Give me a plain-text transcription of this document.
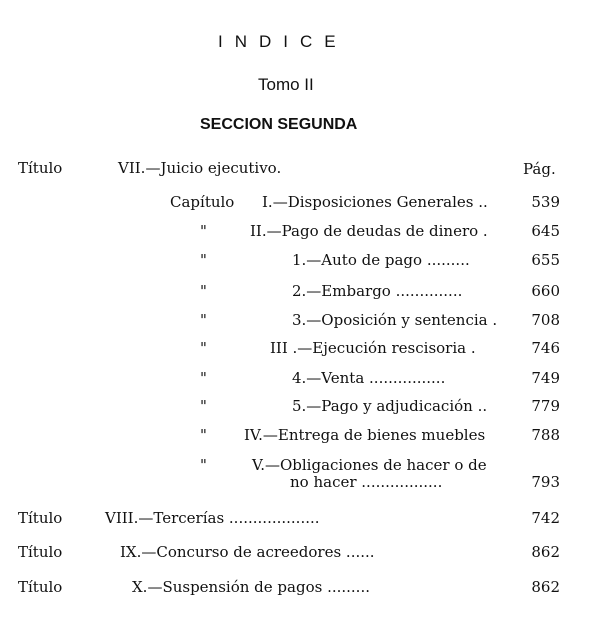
INDICE
Tomo II
SECCION SEGUNDA
Título	VII.—Juicio ejecutivo.	Pág.
Capítulo I.—Disposiciones Generales ..	539
"	II.—Pago de deudas de dinero .	645
"	1.—Auto de pago .........	655
"	2.—Embargo ..............	660
"	3.—Oposición y sentencia .	708
"	III .—Ejecución rescisoria .	746
"	4.—Venta ................	749
"	5.—Pago y adjudicación ..	779
" IV.—Entrega de bienes muebles	788
"	V.—Obligaciones de hacer o de
no hacer .................	793
Título	VIII.—Tercerías ...................	742
Título	IX.—Concurso de acreedores ......	862
Título	X.—Suspensión de pagos .........	862
